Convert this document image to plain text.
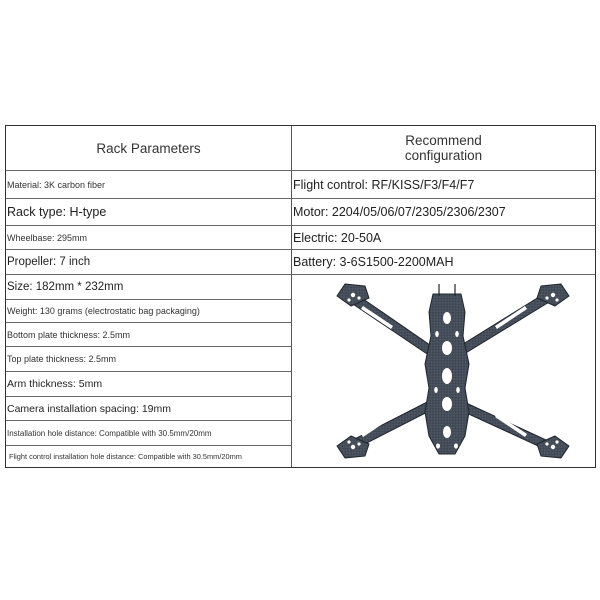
Rack Parameters	Recommend
configuration
Material: 3K carbon fiber
Rack type: H-type
Wheelbase: 295mm
Propeller: 7 inch
Size: 182mm * 232mm
Weight: 130 grams (electrostatic bag packaging)
Bottom plate thickness: 2.5mm
Top plate thickness: 2.5mm
Arm thickness: 5mm
Camera installation spacing: 19mm
Installation hole distance: Compatible with 30.5mm/20mm
Flight control installation hole distance: Compatible with 30.5mm/20mm
Flight control: RF/KISS/F3/F4/F7
Motor: 2204/05/06/07/2305/2306/2307
Electric: 20-50A
Battery: 3-6S1500-2200MAH
